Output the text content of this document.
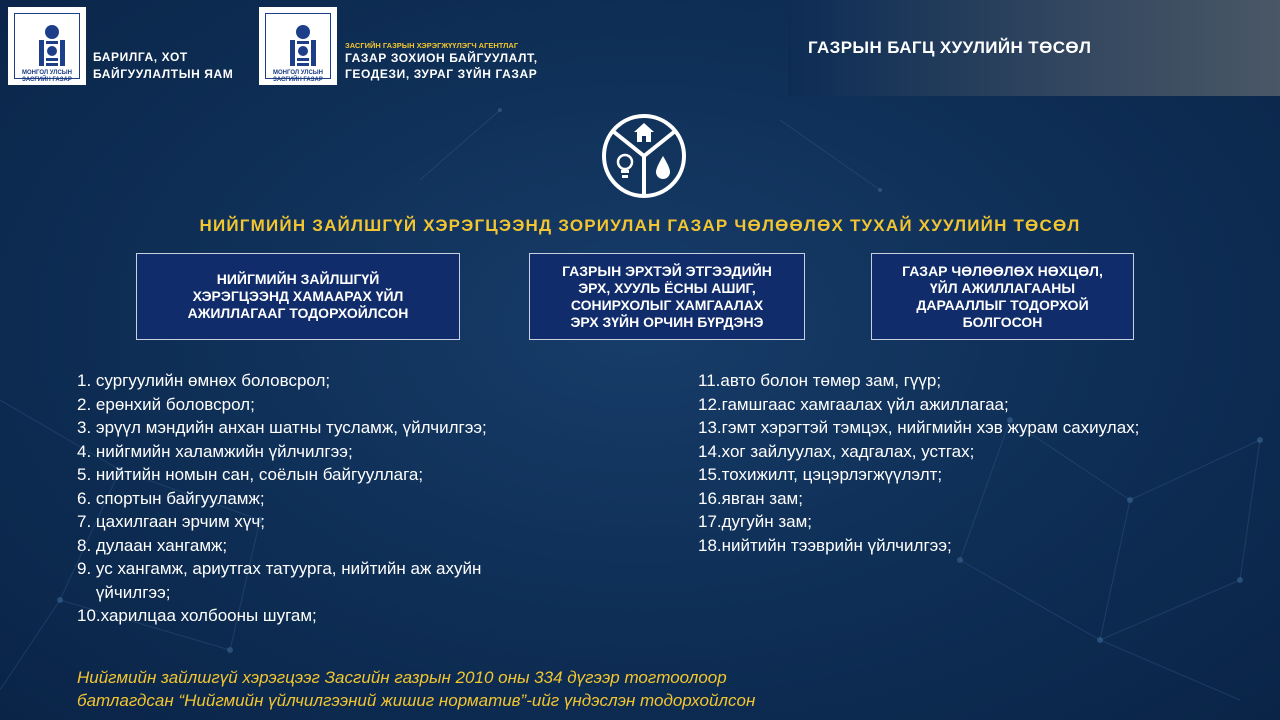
МОНГОЛ УЛСЫН
ЗАСГИЙН ГАЗАР
БАРИЛГА, ХОТ
БАЙГУУЛАЛТЫН ЯАМ	МОНГОЛ УЛСЫН
ЗАСГИЙН ГАЗАР
ЗАСГИЙН ГАЗРЫН ХЭРЭГЖҮҮЛЭГЧ АГЕНТЛАГ
ГАЗАР ЗОХИОН БАЙГУУЛАЛТ,
ГЕОДЕЗИ, ЗУРАГ ЗҮЙН ГАЗАР
ГАЗРЫН БАГЦ ХУУЛИЙН ТӨСӨЛ
НИЙГМИЙН ЗАЙЛШГҮЙ ХЭРЭГЦЭЭНД ЗОРИУЛАН ГАЗАР ЧӨЛӨӨЛӨХ ТУХАЙ ХУУЛИЙН ТӨСӨЛ
НИЙГМИЙН ЗАЙЛШГҮЙ
ХЭРЭГЦЭЭНД ХАМААРАХ ҮЙЛ
АЖИЛЛАГААГ ТОДОРХОЙЛСОН
ГАЗРЫН ЭРХТЭЙ ЭТГЭЭДИЙН
ЭРХ, ХУУЛЬ ЁСНЫ АШИГ,
СОНИРХОЛЫГ ХАМГААЛАХ
ЭРХ ЗҮЙН ОРЧИН БҮРДЭНЭ
ГАЗАР ЧӨЛӨӨЛӨХ НӨХЦӨЛ,
ҮЙЛ АЖИЛЛАГААНЫ
ДАРААЛЛЫГ ТОДОРХОЙ
БОЛГОСОН
1. сургуулийн өмнөх боловсрол;
2. ерөнхий боловсрол;
3. эрүүл мэндийн анхан шатны тусламж, үйлчилгээ;
4. нийгмийн халамжийн үйлчилгээ;
5. нийтийн номын сан, соёлын байгууллага;
6. спортын байгууламж;
7. цахилгаан эрчим хүч;
8. дулаан хангамж;
9. ус хангамж, ариутгах татуурга, нийтийн аж ахуйн
үйчилгээ;
10.харилцаа холбооны шугам;
11.авто болон төмөр зам, гүүр;
12.гамшгаас хамгаалах үйл ажиллагаа;
13.гэмт хэрэгтэй тэмцэх, нийгмийн хэв журам сахиулах;
14.хог зайлуулах, хадгалах, устгах;
15.тохижилт, цэцэрлэгжүүлэлт;
16.явган зам;
17.дугуйн зам;
18.нийтийн тээврийн үйлчилгээ;
Нийгмийн зайлшгүй хэрэгцээг Засгийн газрын 2010 оны 334 дүгээр тогтоолоор
батлагдсан “Нийгмийн үйлчилгээний жишиг норматив”-ийг үндэслэн тодорхойлсон
